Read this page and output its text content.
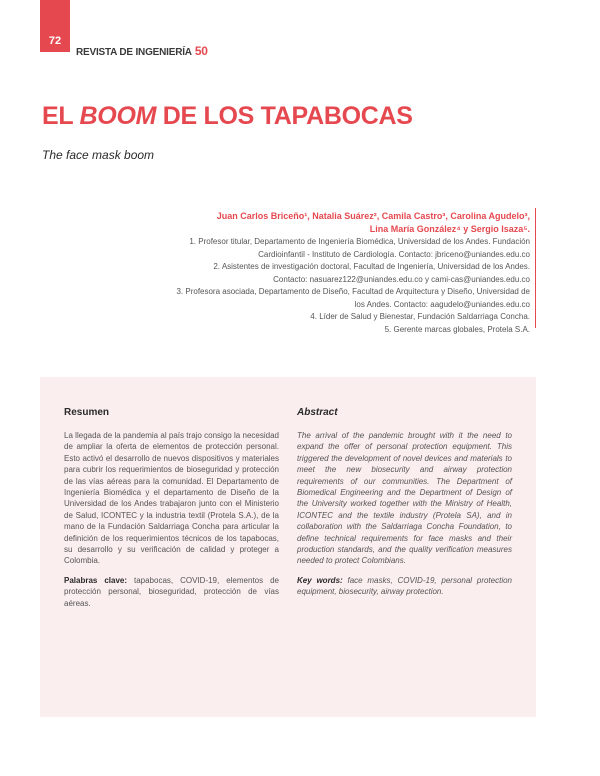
72
REVISTA DE INGENIERÍA 50
EL BOOM DE LOS TAPABOCAS

The face mask boom

Juan Carlos Briceño¹, Natalia Suárez², Camila Castro³, Carolina Agudelo³,

Lina María González⁴ y Sergio Isaza⁵.

1. Profesor titular, Departamento de Ingeniería Biomédica, Universidad de los Andes. Fundación

Cardioinfantil - Instituto de Cardiología. Contacto: jbriceno@uniandes.edu.co

2. Asistentes de investigación doctoral, Facultad de Ingeniería, Universidad de los Andes.

Contacto: nasuarez122@uniandes.edu.co y cami-cas@uniandes.edu.co

3. Profesora asociada, Departamento de Diseño, Facultad de Arquitectura y Diseño, Universidad de

los Andes. Contacto: aagudelo@uniandes.edu.co

4. Líder de Salud y Bienestar, Fundación Saldarriaga Concha.

5. Gerente marcas globales, Protela S.A.

Resumen

La llegada de la pandemia al país trajo consigo la necesidad de ampliar la oferta de elementos de protección personal. Esto activó el desarrollo de nuevos dispositivos y materiales para cubrir los requerimientos de bioseguridad y protección de las vías aéreas para la comunidad. El Departamento de Ingeniería Biomédica y el departamento de Diseño de la Universidad de los Andes trabajaron junto con el Ministerio de Salud, ICONTEC y la industria textil (Protela S.A.), de la mano de la Fundación Saldarriaga Concha para articular la definición de los requerimientos técnicos de los tapabocas, su desarrollo y su verificación de calidad y proteger a Colombia.

Palabras clave: tapabocas, COVID-19, elementos de protección personal, bioseguridad, protección de vías aéreas.

Abstract

The arrival of the pandemic brought with it the need to expand the offer of personal protection equipment. This triggered the development of novel devices and materials to meet the new biosecurity and airway protection requirements of our communities. The Department of Biomedical Engineering and the Department of Design of the University worked together with the Ministry of Health, ICONTEC and the textile industry (Protela SA), and in collaboration with the Saldarriaga Concha Foundation, to define technical requirements for face masks and their production standards, and the quality verification measures needed to protect Colombians.

Key words: face masks, COVID-19, personal protection equipment, biosecurity, airway protection.
